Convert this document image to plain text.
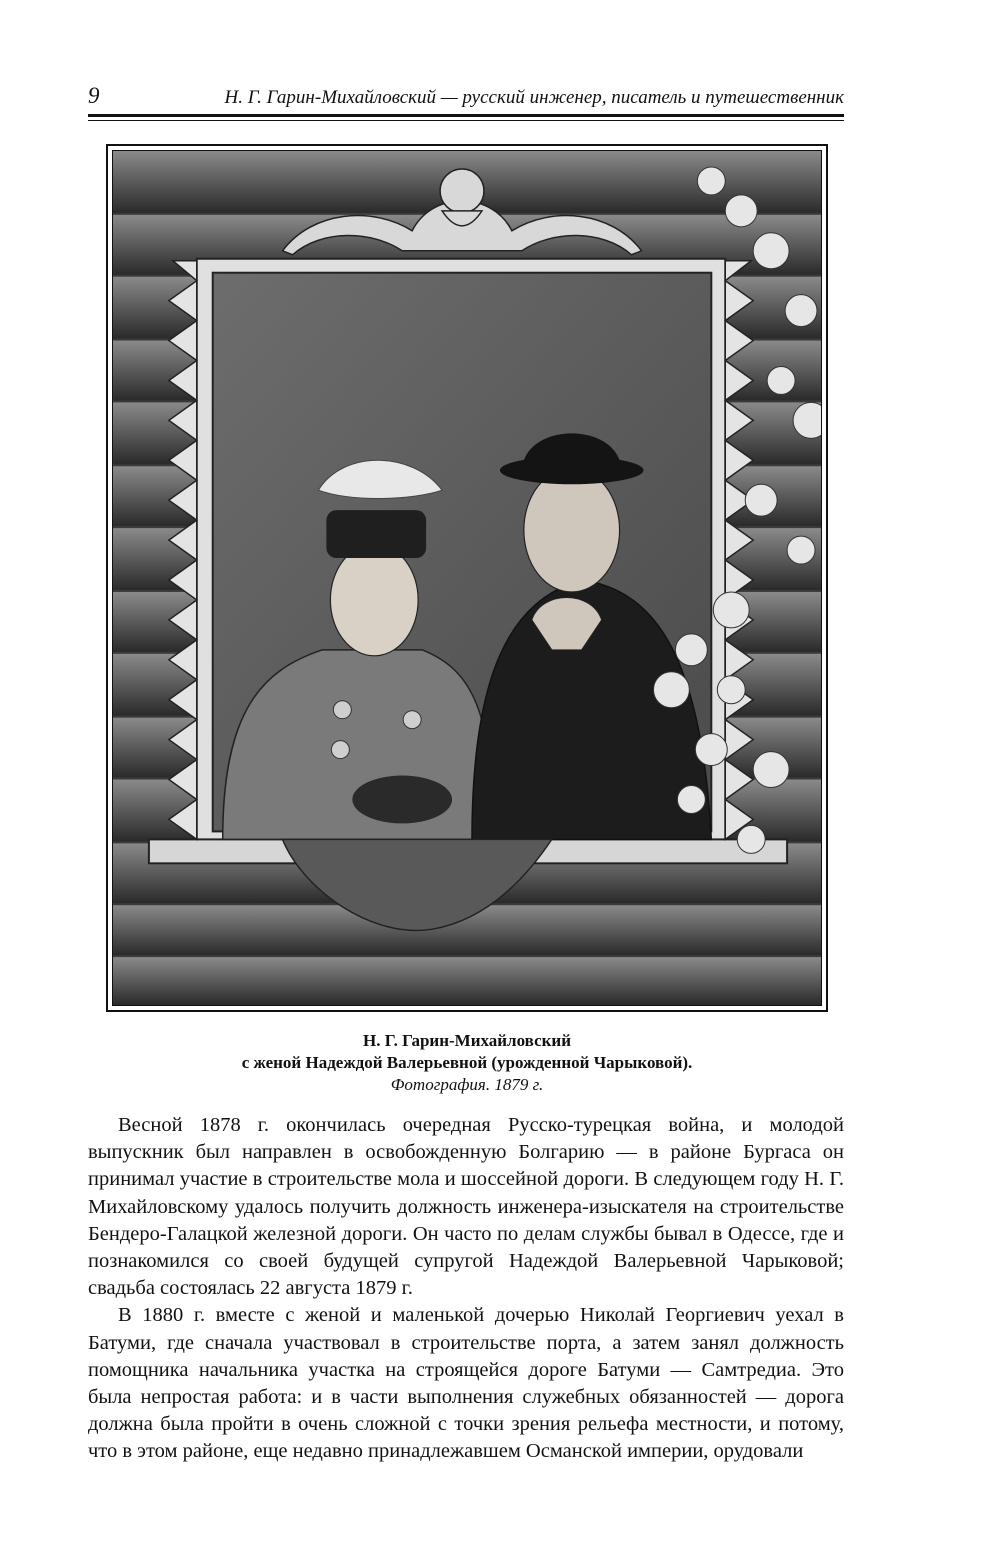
9	Н. Г. Гарин-Михайловский — русский инженер, писатель и путешественник
Н. Г. Гарин-Михайловский
с женой Надеждой Валерьевной (урожденной Чарыковой).
Фотография. 1879 г.

Весной 1878 г. окончилась очередная Русско-турецкая война, и молодой выпускник был направлен в освобожденную Болгарию — в районе Бургаса он принимал участие в строительстве мола и шоссейной дороги. В следующем году Н. Г. Михайловскому удалось получить должность инженера-изыскателя на строительстве Бендеро-Галацкой железной дороги. Он часто по делам службы бывал в Одессе, где и познакомился со своей будущей супругой Надеждой Валерьевной Чарыковой; свадьба состоялась 22 августа 1879 г.

В 1880 г. вместе с женой и маленькой дочерью Николай Георгиевич уехал в Батуми, где сначала участвовал в строительстве порта, а затем занял должность помощника начальника участка на строящейся дороге Батуми — Самтредиа. Это была непростая работа: и в части выполнения служебных обязанностей — дорога должна была пройти в очень сложной с точки зрения рельефа местности, и потому, что в этом районе, еще недавно принадлежавшем Османской империи, орудовали
